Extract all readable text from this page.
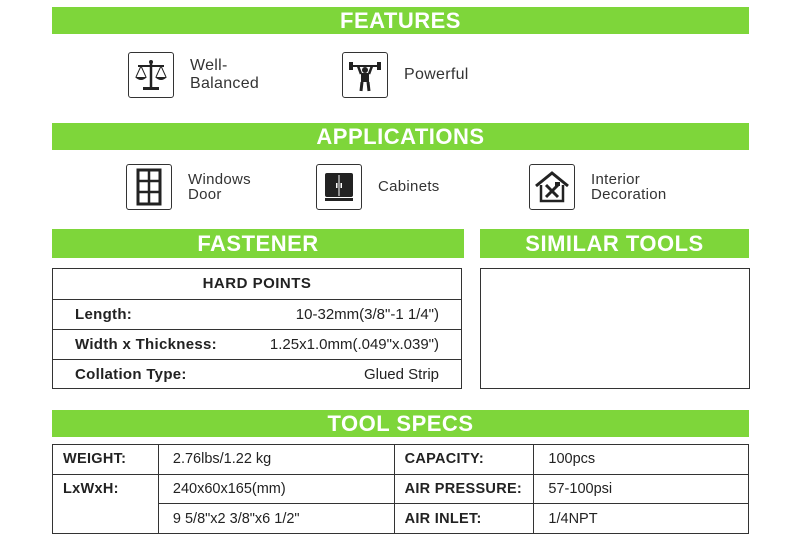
FEATURES
Well-
Balanced
Powerful
APPLICATIONS
Windows
Door	Cabinets	Interior
Decoration
FASTENER
HARD POINTS
Length:	10-32mm(3/8"-1 1/4")
Width x Thickness:	1.25x1.0mm(.049"x.039")
Collation Type:	Glued Strip
SIMILAR TOOLS
TOOL SPECS
WEIGHT:	2.76lbs/1.22 kg	CAPACITY:	100pcs
LxWxH:	240x60x165(mm)	AIR PRESSURE:	57-100psi
	9 5/8"x2 3/8"x6 1/2"	AIR INLET:	1/4NPT
